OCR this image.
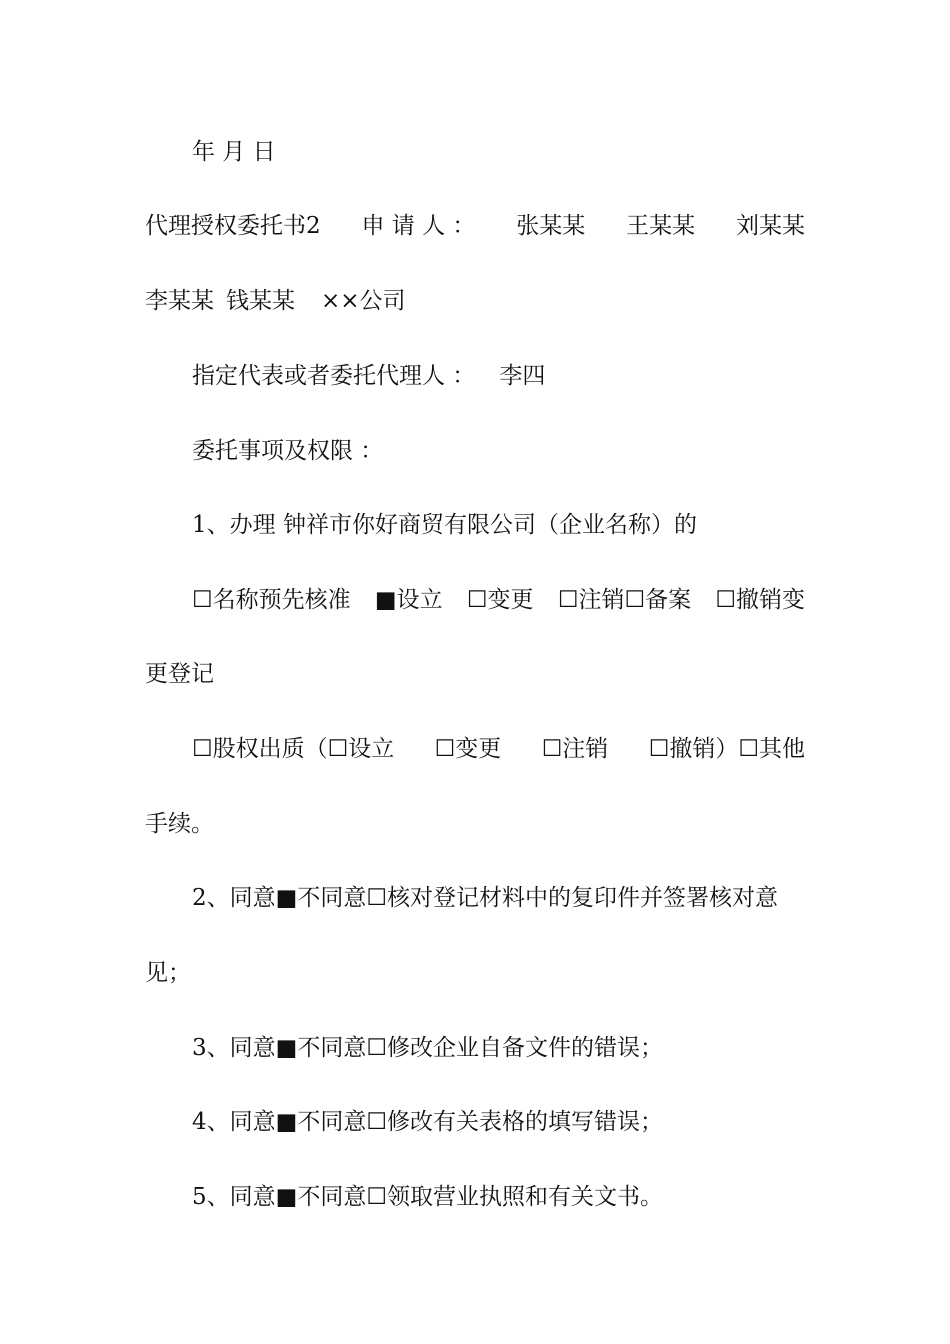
年 月 日
代理授权委托书2 申 请 人 ： 张某某 王某某 刘某某
李某某 钱某某 ××公司
指定代表或者委托代理人 ： 李四
委托事项及权限 ：
1、办理 钟祥市你好商贸有限公司（企业名称）的
☐名称预先核准 ■设立 ☐变更 ☐注销☐备案 ☐撤销变
更登记
☐股权出质（☐设立 ☐变更 ☐注销 ☐撤销）☐其他
手续。
2、同意■不同意☐核对登记材料中的复印件并签署核对意
见；
3、同意■不同意☐修改企业自备文件的错误；
4、同意■不同意☐修改有关表格的填写错误；
5、同意■不同意☐领取营业执照和有关文书。
